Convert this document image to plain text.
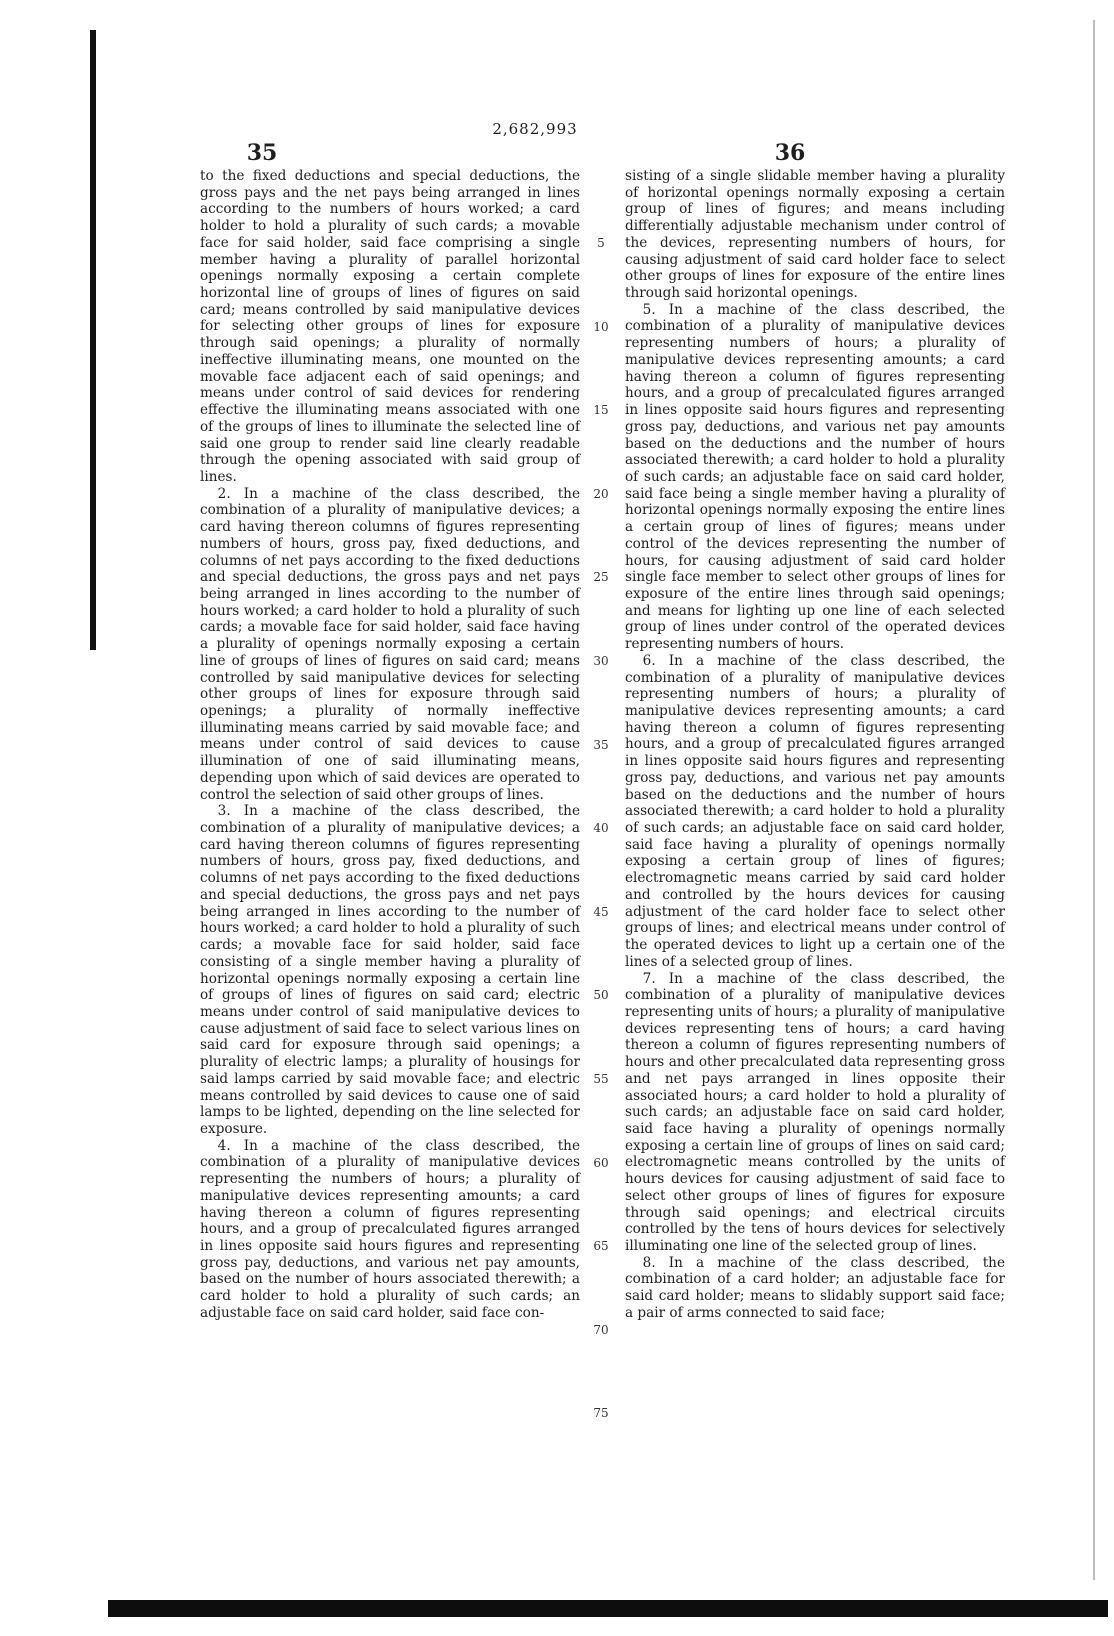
2,682,993
35	36

to the fixed deductions and special deductions, the gross pays and the net pays being arranged in lines according to the numbers of hours worked; a card holder to hold a plurality of such cards; a movable face for said holder, said face comprising a single member having a plurality of parallel horizontal openings normally exposing a certain complete horizontal line of groups of lines of figures on said card; means controlled by said manipulative devices for selecting other groups of lines for exposure through said openings; a plurality of normally ineffective illuminating means, one mounted on the movable face adjacent each of said openings; and means under control of said devices for rendering effective the illuminating means associated with one of the groups of lines to illuminate the selected line of said one group to render said line clearly readable through the opening associated with said group of lines.

2. In a machine of the class described, the combination of a plurality of manipulative devices; a card having thereon columns of figures representing numbers of hours, gross pay, fixed deductions, and columns of net pays according to the fixed deductions and special deductions, the gross pays and net pays being arranged in lines according to the number of hours worked; a card holder to hold a plurality of such cards; a movable face for said holder, said face having a plurality of openings normally exposing a certain line of groups of lines of figures on said card; means controlled by said manipulative devices for selecting other groups of lines for exposure through said openings; a plurality of normally ineffective illuminating means carried by said movable face; and means under control of said devices to cause illumination of one of said illuminating means, depending upon which of said devices are operated to control the selection of said other groups of lines.

3. In a machine of the class described, the combination of a plurality of manipulative devices; a card having thereon columns of figures representing numbers of hours, gross pay, fixed deductions, and columns of net pays according to the fixed deductions and special deductions, the gross pays and net pays being arranged in lines according to the number of hours worked; a card holder to hold a plurality of such cards; a movable face for said holder, said face consisting of a single member having a plurality of horizontal openings normally exposing a certain line of groups of lines of figures on said card; electric means under control of said manipulative devices to cause adjustment of said face to select various lines on said card for exposure through said openings; a plurality of electric lamps; a plurality of housings for said lamps carried by said movable face; and electric means controlled by said devices to cause one of said lamps to be lighted, depending on the line selected for exposure.

4. In a machine of the class described, the combination of a plurality of manipulative devices representing the numbers of hours; a plurality of manipulative devices representing amounts; a card having thereon a column of figures representing hours, and a group of precalculated figures arranged in lines opposite said hours figures and representing gross pay, deductions, and various net pay amounts, based on the number of hours associated therewith; a card holder to hold a plurality of such cards; an adjustable face on said card holder, said face con-

5
10
15
20
25
30
35
40
45
50
55
60
65
70
75

sisting of a single slidable member having a plurality of horizontal openings normally exposing a certain group of lines of figures; and means including differentially adjustable mechanism under control of the devices, representing numbers of hours, for causing adjustment of said card holder face to select other groups of lines for exposure of the entire lines through said horizontal openings.

5. In a machine of the class described, the combination of a plurality of manipulative devices representing numbers of hours; a plurality of manipulative devices representing amounts; a card having thereon a column of figures representing hours, and a group of precalculated figures arranged in lines opposite said hours figures and representing gross pay, deductions, and various net pay amounts based on the deductions and the number of hours associated therewith; a card holder to hold a plurality of such cards; an adjustable face on said card holder, said face being a single member having a plurality of horizontal openings normally exposing the entire lines a certain group of lines of figures; means under control of the devices representing the number of hours, for causing adjustment of said card holder single face member to select other groups of lines for exposure of the entire lines through said openings; and means for lighting up one line of each selected group of lines under control of the operated devices representing numbers of hours.

6. In a machine of the class described, the combination of a plurality of manipulative devices representing numbers of hours; a plurality of manipulative devices representing amounts; a card having thereon a column of figures representing hours, and a group of precalculated figures arranged in lines opposite said hours figures and representing gross pay, deductions, and various net pay amounts based on the deductions and the number of hours associated therewith; a card holder to hold a plurality of such cards; an adjustable face on said card holder, said face having a plurality of openings normally exposing a certain group of lines of figures; electromagnetic means carried by said card holder and controlled by the hours devices for causing adjustment of the card holder face to select other groups of lines; and electrical means under control of the operated devices to light up a certain one of the lines of a selected group of lines.

7. In a machine of the class described, the combination of a plurality of manipulative devices representing units of hours; a plurality of manipulative devices representing tens of hours; a card having thereon a column of figures representing numbers of hours and other precalculated data representing gross and net pays arranged in lines opposite their associated hours; a card holder to hold a plurality of such cards; an adjustable face on said card holder, said face having a plurality of openings normally exposing a certain line of groups of lines on said card; electromagnetic means controlled by the units of hours devices for causing adjustment of said face to select other groups of lines of figures for exposure through said openings; and electrical circuits controlled by the tens of hours devices for selectively illuminating one line of the selected group of lines.

8. In a machine of the class described, the combination of a card holder; an adjustable face for said card holder; means to slidably support said face; a pair of arms connected to said face;
